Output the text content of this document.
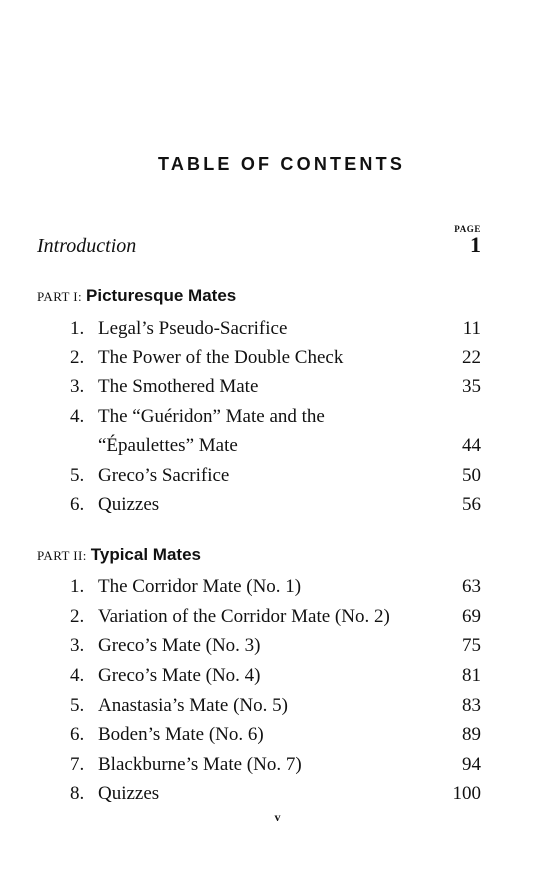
TABLE OF CONTENTS
PAGE
Introduction	1
PART I: Picturesque Mates
1. Legal’s Pseudo-Sacrifice	11
2. The Power of the Double Check	22
3. The Smothered Mate	35
4. The “Guéridon” Mate and the
“Épaulettes” Mate	44
5. Greco’s Sacrifice	50
6. Quizzes	56
PART II: Typical Mates
1. The Corridor Mate (No. 1)	63
2. Variation of the Corridor Mate (No. 2)	69
3. Greco’s Mate (No. 3)	75
4. Greco’s Mate (No. 4)	81
5. Anastasia’s Mate (No. 5)	83
6. Boden’s Mate (No. 6)	89
7. Blackburne’s Mate (No. 7)	94
8. Quizzes	100
v
